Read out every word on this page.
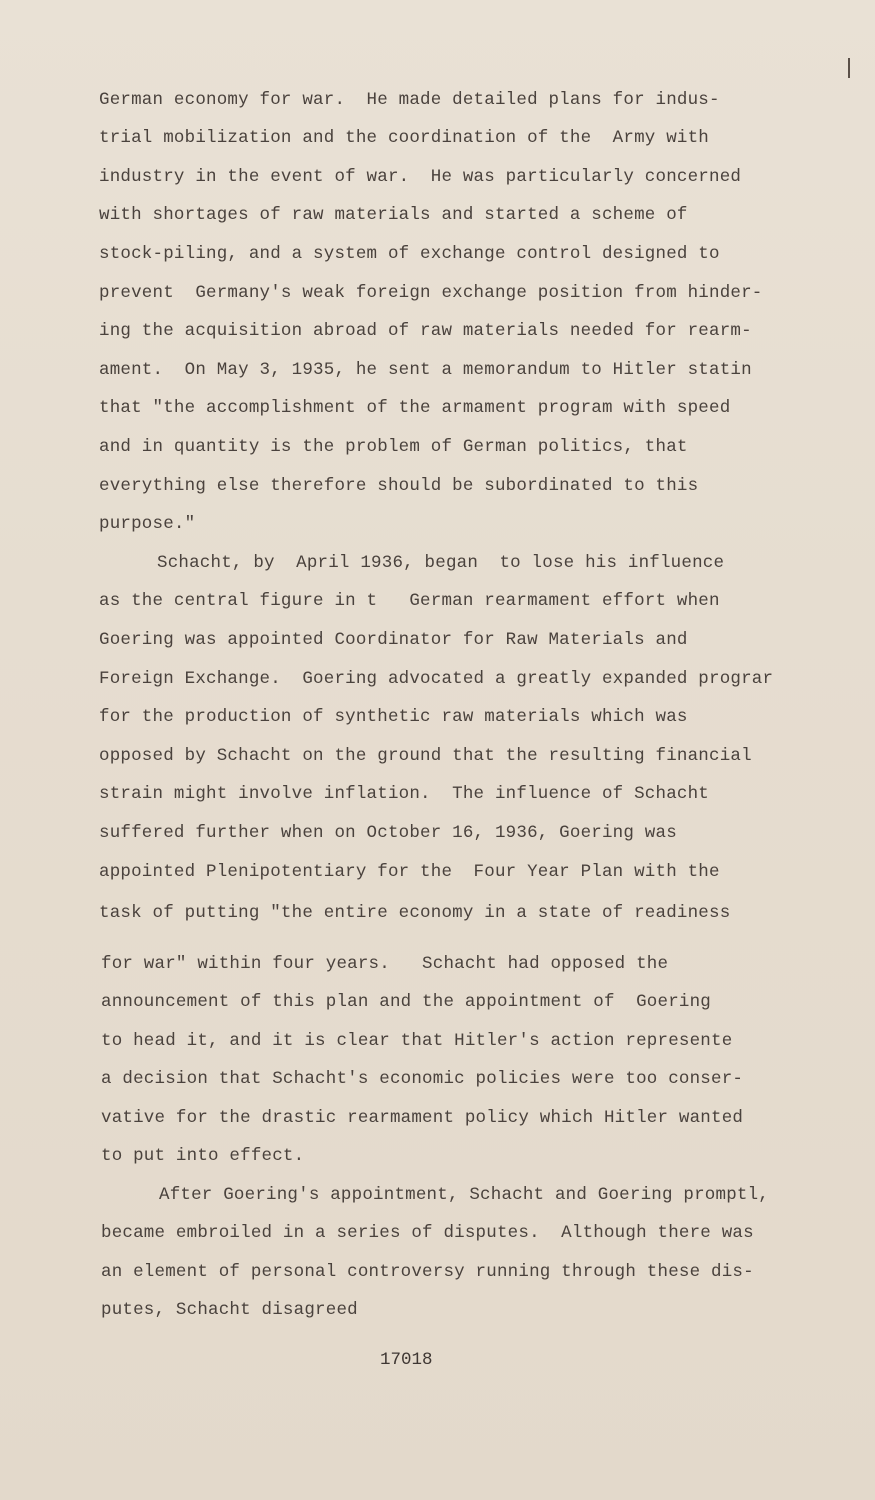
German economy for war.  He made detailed plans for indus-
trial mobilization and the coordination of the  Army with
industry in the event of war.  He was particularly concerned
with shortages of raw materials and started a scheme of
stock-piling, and a system of exchange control designed to
prevent  Germany's weak foreign exchange position from hinder-
ing the acquisition abroad of raw materials needed for rearm-
ament.  On May 3, 1935, he sent a memorandum to Hitler statin
that "the accomplishment of the armament program with speed
and in quantity is the problem of German politics, that
everything else therefore should be subordinated to this
purpose."
Schacht, by  April 1936, began  to lose his influence
as the central figure in t   German rearmament effort when
Goering was appointed Coordinator for Raw Materials and
Foreign Exchange.  Goering advocated a greatly expanded prograr
for the production of synthetic raw materials which was
opposed by Schacht on the ground that the resulting financial
strain might involve inflation.  The influence of Schacht
suffered further when on October 16, 1936, Goering was
appointed Plenipotentiary for the  Four Year Plan with the
task of putting "the entire economy in a state of readiness
for war" within four years.   Schacht had opposed the
announcement of this plan and the appointment of  Goering
to head it, and it is clear that Hitler's action represente
a decision that Schacht's economic policies were too conser-
vative for the drastic rearmament policy which Hitler wanted
to put into effect.
After Goering's appointment, Schacht and Goering promptl,
became embroiled in a series of disputes.  Although there was
an element of personal controversy running through these dis-
putes, Schacht disagreed
17018
